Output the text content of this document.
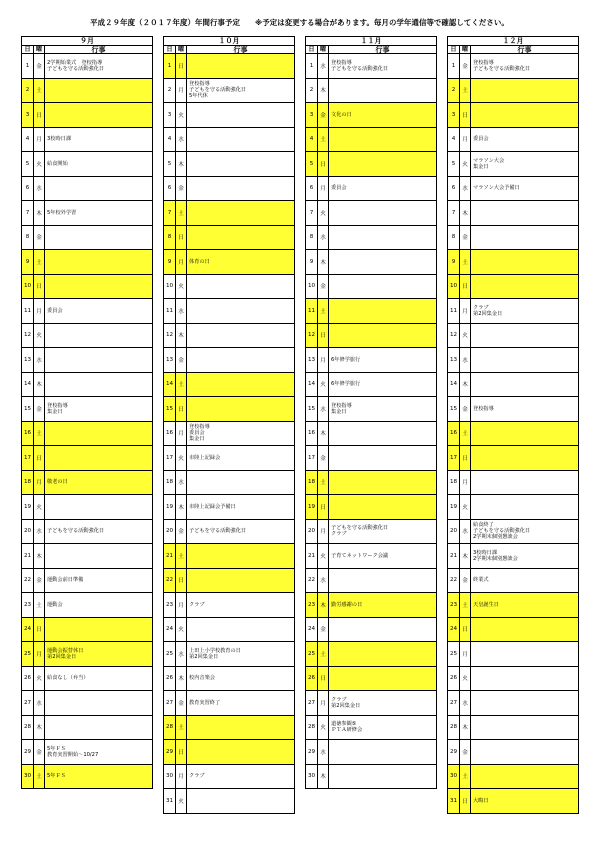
平成２９年度（２０１７年度）年間行事予定　　※予定は変更する場合があります。毎月の学年通信等で確認してください。
９月
日 曜	行事
1	金
2学期始業式　登校指導
子どもを守る活動強化日
2	土
3	日
4	月	3校時日課
5	火	給食開始
6	水
7	木	5年校外学習
8	金
9	土
10 日
11 月	委員会
12 火
13 水
14 木
15 金
登校指導
集金日
16 土
17 日
18 月	敬老の日
19 火
20 水	子どもを守る活動強化日
21 木
22 金	運動会前日準備
23 土	運動会
24 日
25 月
運動会振替休日
第2回集金日
26 火	給食なし（弁当）
27 水
28 木
29 金
5年ＦＳ
教育実習開始～10/27
30 土	5年ＦＳ
１０月
日 曜	行事
1	日
2	月
登校指導
子どもを守る活動強化日
5年代休
3	火
4	水
5	木
6	金
7	土
8	日
9	月	体育の日
10 火
11 水
12 木
13 金
14 土
15 日
16 月
登校指導
委員会
集金日
17 火	市陸上記録会
18 水
19 木	市陸上記録会予備日
20 金	子どもを守る活動強化日
21 土
22 日
23 月	クラブ
24 火
25 水
上田上小学校教育の日
第2回集金日
26 木	校内音楽会
27 金	教育実習終了
28 土
29 日
30 月	クラブ
31 火
１１月
日 曜	行事
1	水
登校指導
子どもを守る活動強化日
2	木
3	金	文化の日
4	土
5	日
6	月	委員会
7	火
8	水
9	木
10 金
11 土
12 日
13 月	6年修学旅行
14 火	6年修学旅行
15 水
登校指導
集金日
16 木
17 金
18 土
19 日
20 月
子どもを守る活動強化日
クラブ
21 火	子育てネットワーク会議
22 水
23 木	勤労感謝の日
24 金
25 土
26 日
27 月
クラブ
第2回集金日
28 火
道徳参観⑤
ＰＴＡ研修会
29 水
30 木
１２月
日 曜	行事
1	金
登校指導
子どもを守る活動強化日
2	土
3	日
4	月	委員会
5	火
マラソン大会
集金日
6	水	マラソン大会予備日
7	木
8	金
9	土
10 日
11 月
クラブ
第2回集金日
12 火
13 水
14 木
15 金	登校指導
16 土
17 日
18 月
19 火
20 水
給食終了
子どもを守る活動強化日
2学期末個別懇談会
21 木
3校時日課
2学期末個別懇談会
22 金	終業式
23 土	天皇誕生日
24 日
25 月
26 火
27 水
28 木
29 金
30 土
31 日	大晦日
